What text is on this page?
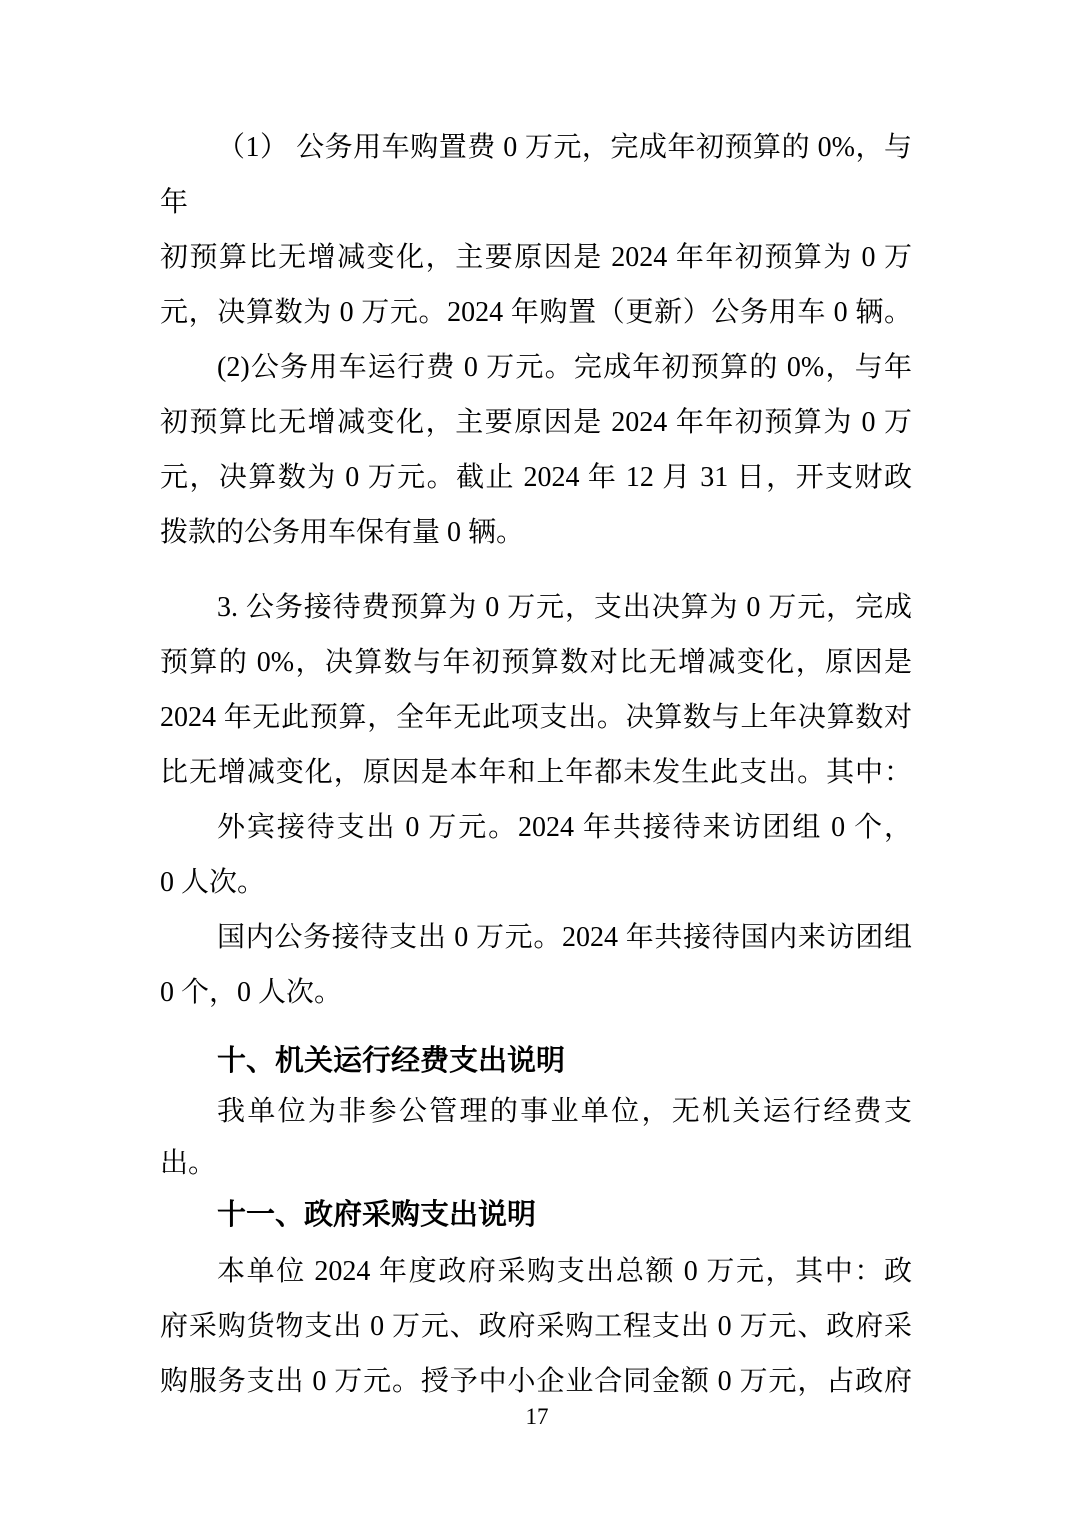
（1） 公务用车购置费 0 万元，完成年初预算的 0%，与年
初预算比无增减变化，主要原因是 2024 年年初预算为 0 万
元，决算数为 0 万元。2024 年购置（更新）公务用车 0 辆。
(2)公务用车运行费 0 万元。完成年初预算的 0%，与年
初预算比无增减变化，主要原因是 2024 年年初预算为 0 万
元，决算数为 0 万元。截止 2024 年 12 月 31 日，开支财政
拨款的公务用车保有量 0 辆。
3. 公务接待费预算为 0 万元，支出决算为 0 万元，完成
预算的 0%，决算数与年初预算数对比无增减变化，原因是
2024 年无此预算，全年无此项支出。决算数与上年决算数对
比无增减变化，原因是本年和上年都未发生此支出。其中：
外宾接待支出 0 万元。2024 年共接待来访团组 0 个，
0 人次。
国内公务接待支出 0 万元。2024 年共接待国内来访团组
0 个，0 人次。
十、机关运行经费支出说明
我单位为非参公管理的事业单位，无机关运行经费支
出。
十一、政府采购支出说明
本单位 2024 年度政府采购支出总额 0 万元，其中：政
府采购货物支出 0 万元、政府采购工程支出 0 万元、政府采
购服务支出 0 万元。授予中小企业合同金额 0 万元，占政府
17
